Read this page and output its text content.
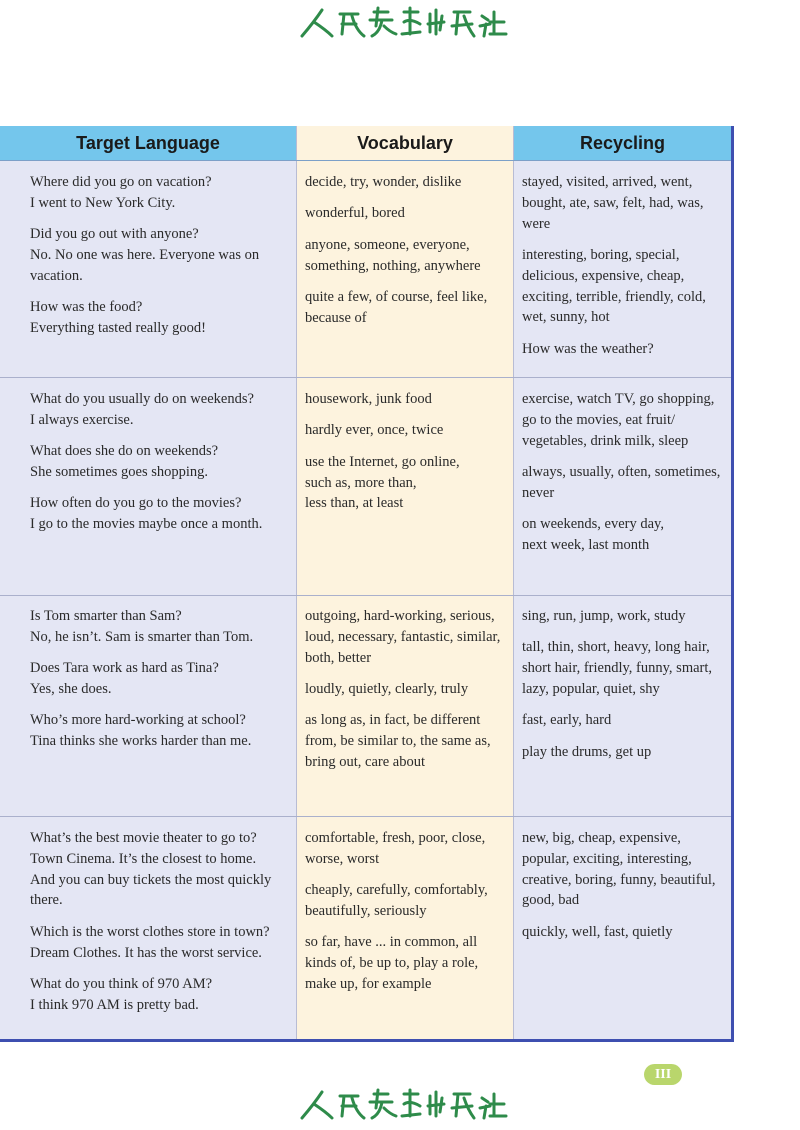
Target Language	Vocabulary	Recycling
Where did you go on vacation?
I went to New York City.
Did you go out with anyone?
No. No one was here. Everyone was on
vacation.
How was the food?
Everything tasted really good!
decide, try, wonder, dislike
wonderful, bored
anyone, someone, everyone,
something, nothing, anywhere
quite a few, of course, feel like,
because of
stayed, visited, arrived, went,
bought, ate, saw, felt, had, was,
were
interesting, boring, special,
delicious, expensive, cheap,
exciting, terrible, friendly, cold,
wet, sunny, hot
How was the weather?
What do you usually do on weekends?
I always exercise.
What does she do on weekends?
She sometimes goes shopping.
How often do you go to the movies?
I go to the movies maybe once a month.
housework, junk food
hardly ever, once, twice
use the Internet, go online,
such as, more than,
less than, at least
exercise, watch TV, go shopping,
go to the movies, eat fruit/
vegetables, drink milk, sleep
always, usually, often, sometimes,
never
on weekends, every day,
next week, last month
Is Tom smarter than Sam?
No, he isn’t. Sam is smarter than Tom.
Does Tara work as hard as Tina?
Yes, she does.
Who’s more hard-working at school?
Tina thinks she works harder than me.
outgoing, hard-working, serious,
loud, necessary, fantastic, similar,
both, better
loudly, quietly, clearly, truly
as long as, in fact, be different
from, be similar to, the same as,
bring out, care about
sing, run, jump, work, study
tall, thin, short, heavy, long hair,
short hair, friendly, funny, smart,
lazy, popular, quiet, shy
fast, early, hard
play the drums, get up
What’s the best movie theater to go to?
Town Cinema. It’s the closest to home.
And you can buy tickets the most quickly
there.
Which is the worst clothes store in town?
Dream Clothes. It has the worst service.
What do you think of 970 AM?
I think 970 AM is pretty bad.
comfortable, fresh, poor, close,
worse, worst
cheaply, carefully, comfortably,
beautifully, seriously
so far, have ... in common, all
kinds of, be up to, play a role,
make up, for example
new, big, cheap, expensive,
popular, exciting, interesting,
creative, boring, funny, beautiful,
good, bad
quickly, well, fast, quietly
III
